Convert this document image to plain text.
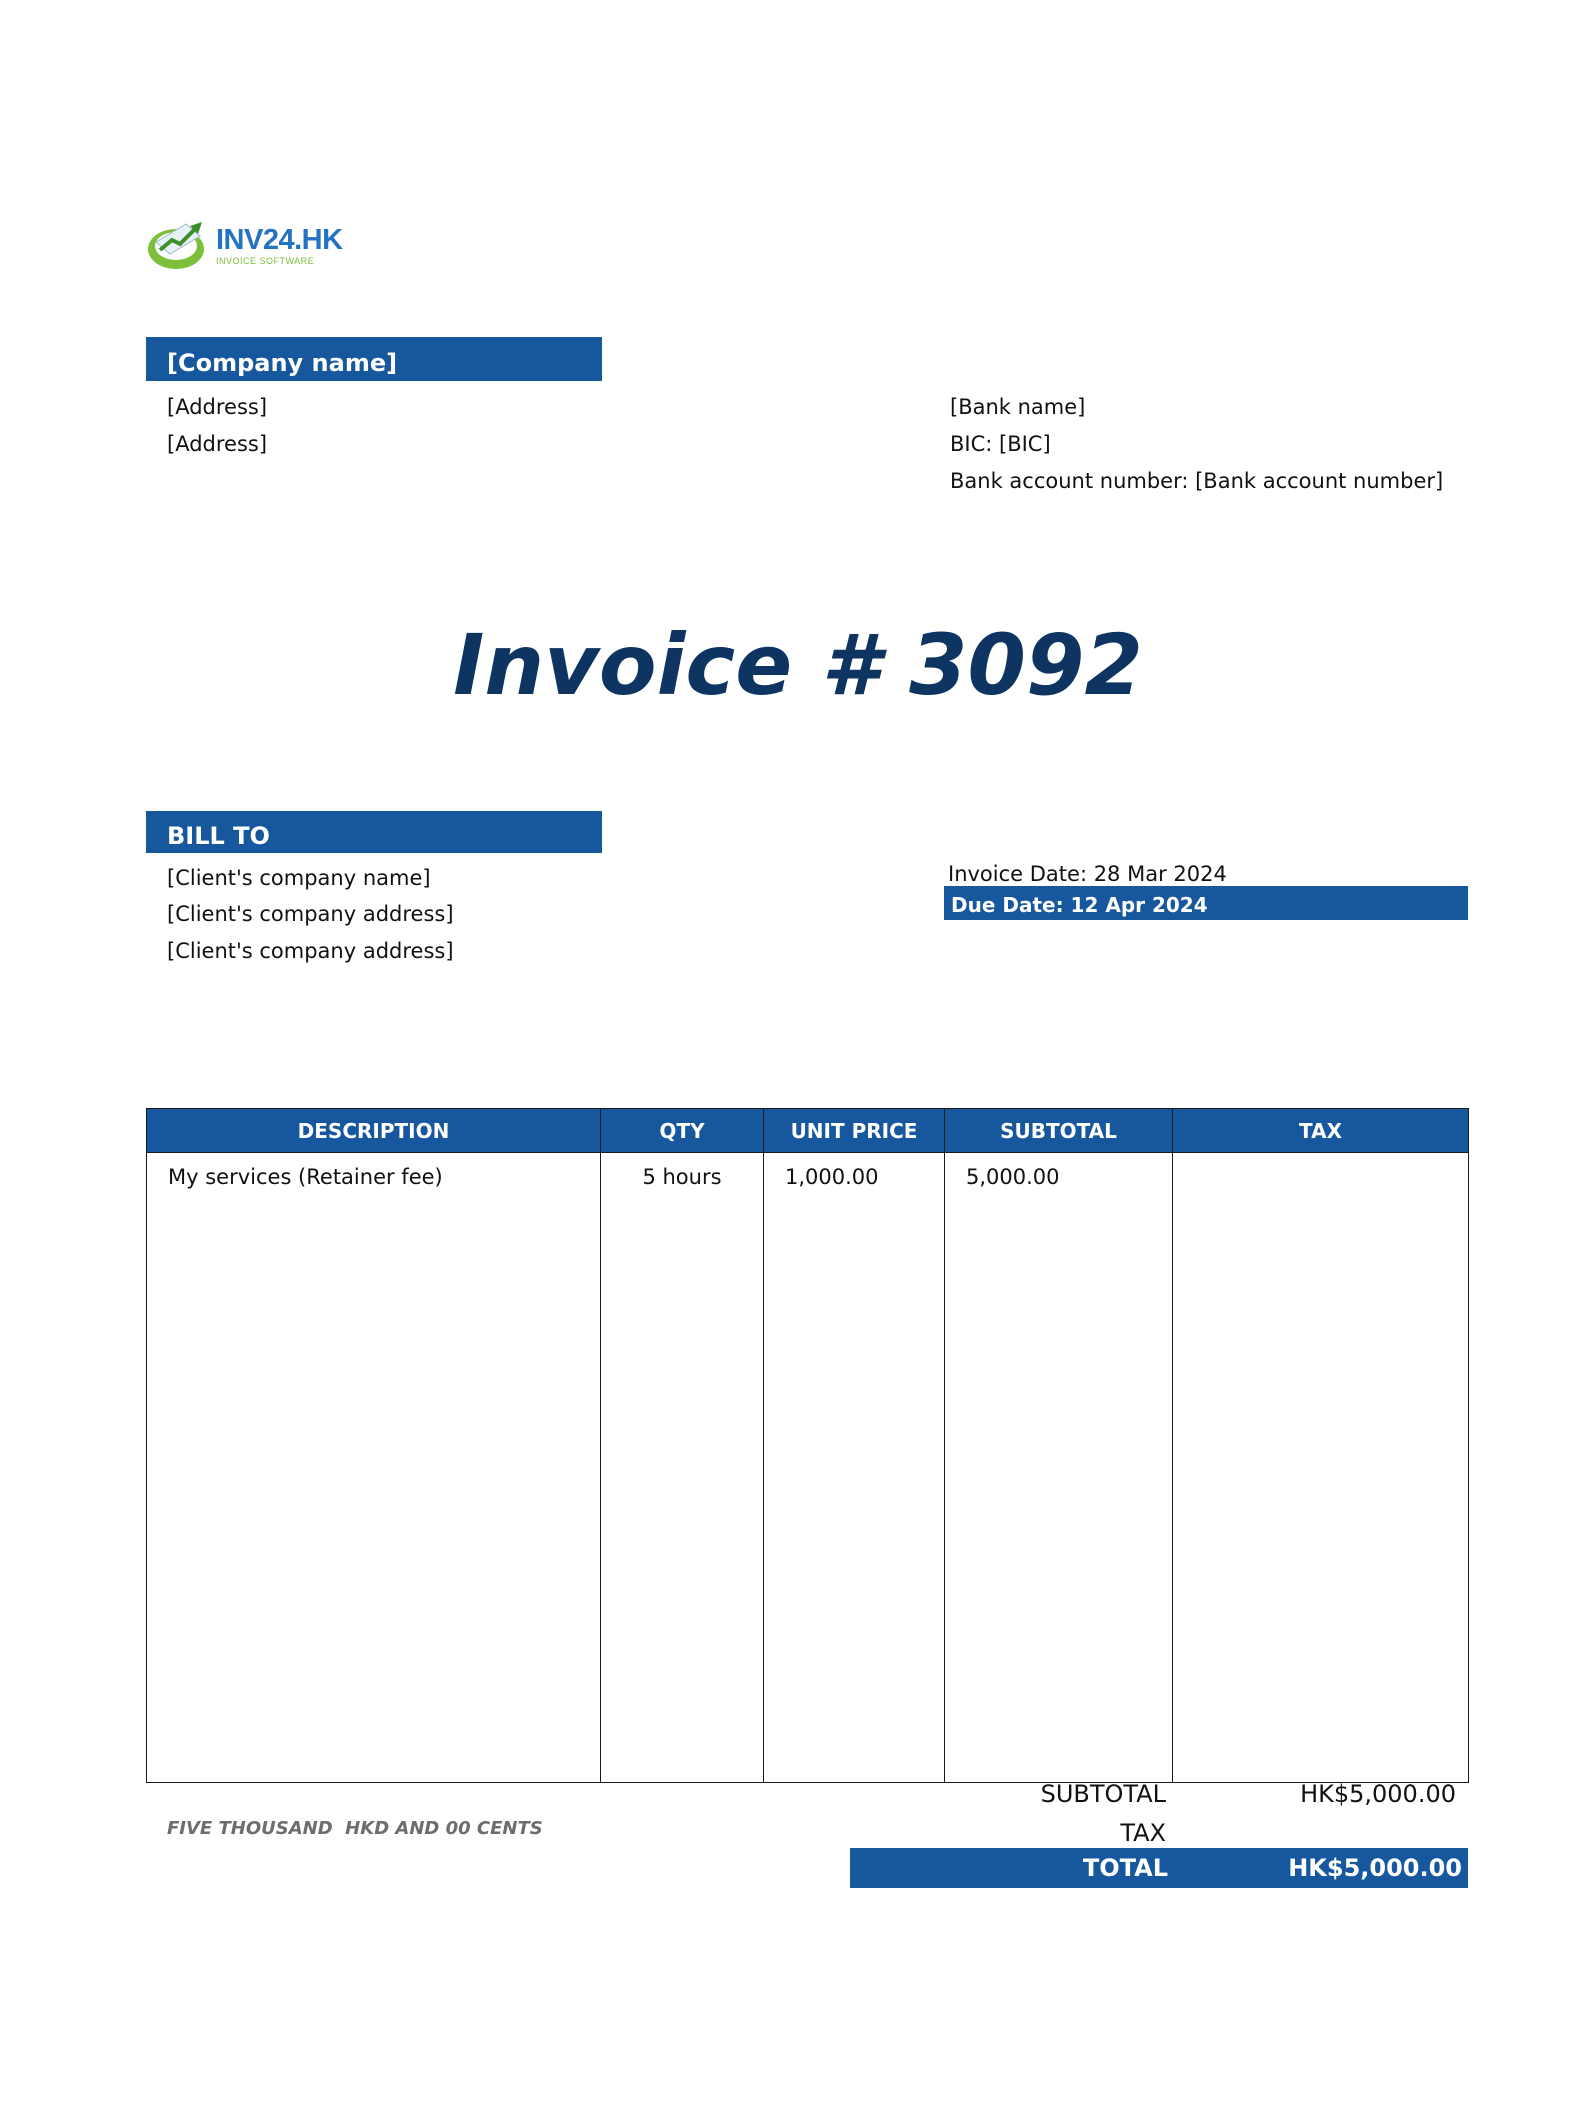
INV24.HK
INVOICE SOFTWARE
[Company name]
[Address]
[Address]
[Bank name]
BIC: [BIC]
Bank account number: [Bank account number]
Invoice # 3092
BILL TO
[Client's company name]
[Client's company address]
[Client's company address]
Invoice Date: 28 Mar 2024
Due Date: 12 Apr 2024
DESCRIPTION	QTY	UNIT PRICE	SUBTOTAL	TAX
My services (Retainer fee)	5 hours	1,000.00	5,000.00	

FIVE THOUSAND  HKD AND 00 CENTS
SUBTOTAL	HK$5,000.00
TAX
TOTAL	HK$5,000.00
